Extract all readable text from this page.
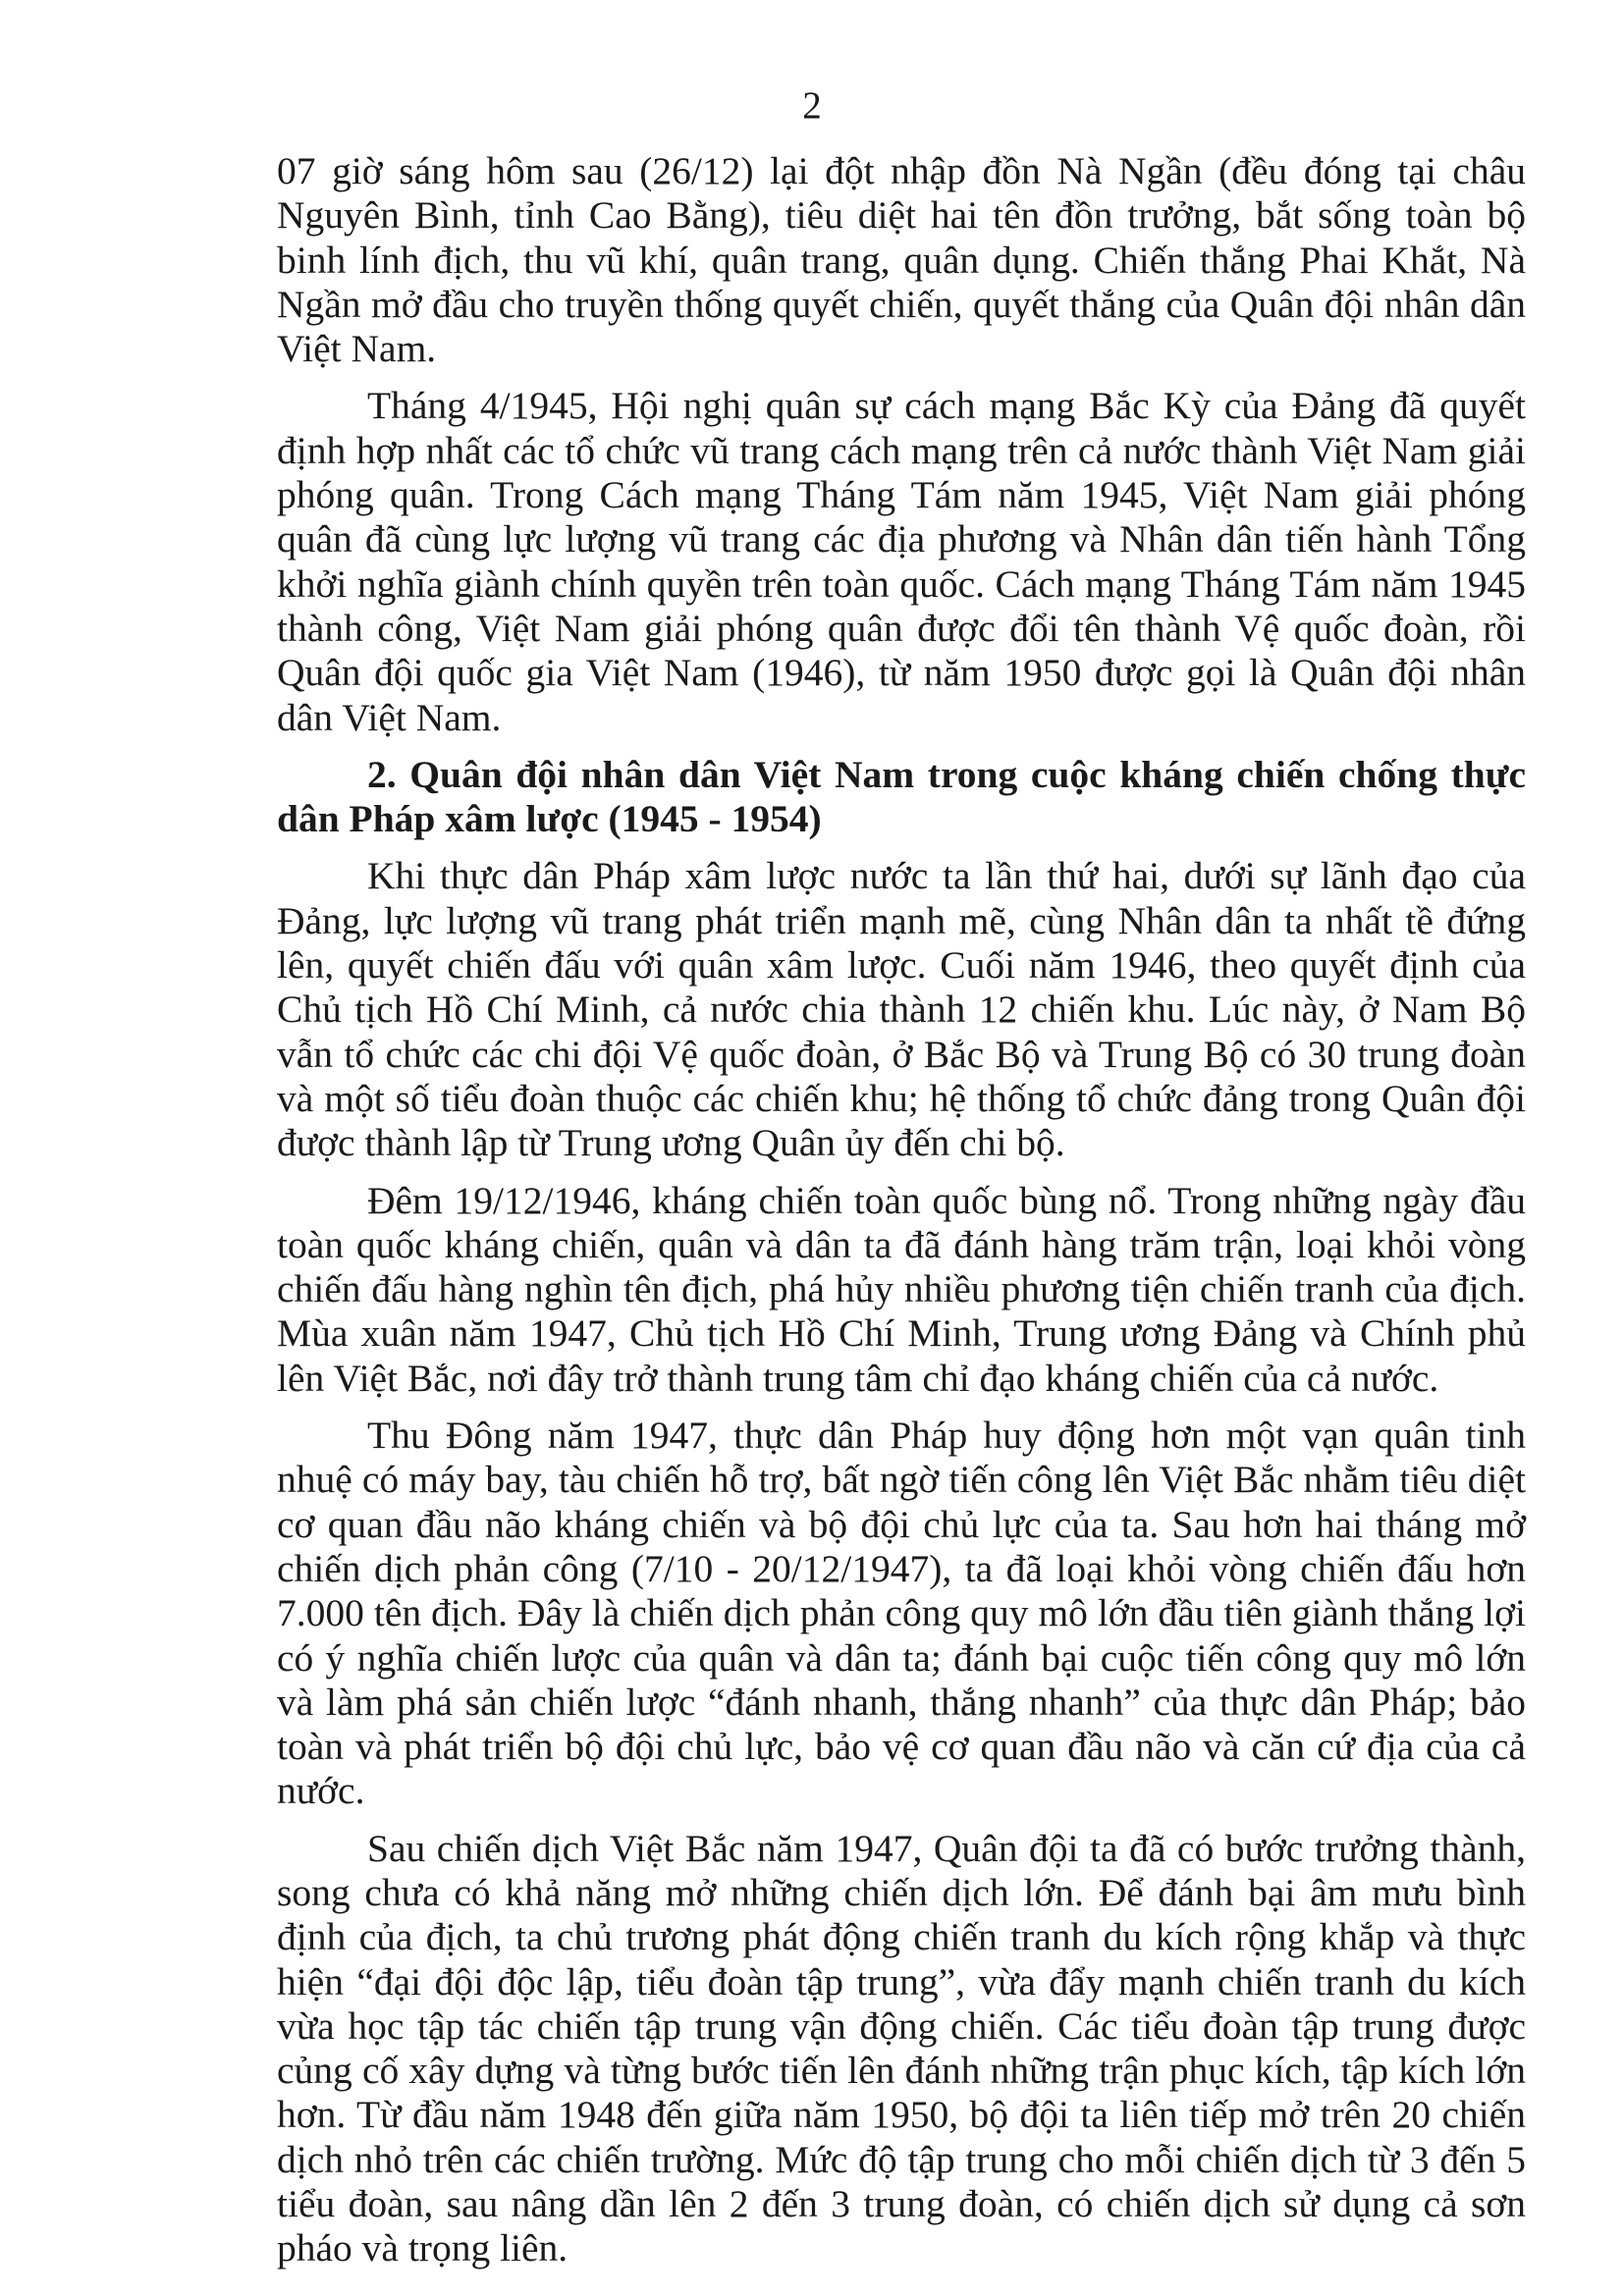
2

07 giờ sáng hôm sau (26/12) lại đột nhập đồn Nà Ngần (đều đóng tại châu Nguyên Bình, tỉnh Cao Bằng), tiêu diệt hai tên đồn trưởng, bắt sống toàn bộ binh lính địch, thu vũ khí, quân trang, quân dụng. Chiến thắng Phai Khắt, Nà Ngần mở đầu cho truyền thống quyết chiến, quyết thắng của Quân đội nhân dân Việt Nam.

Tháng 4/1945, Hội nghị quân sự cách mạng Bắc Kỳ của Đảng đã quyết định hợp nhất các tổ chức vũ trang cách mạng trên cả nước thành Việt Nam giải phóng quân. Trong Cách mạng Tháng Tám năm 1945, Việt Nam giải phóng quân đã cùng lực lượng vũ trang các địa phương và Nhân dân tiến hành Tổng khởi nghĩa giành chính quyền trên toàn quốc. Cách mạng Tháng Tám năm 1945 thành công, Việt Nam giải phóng quân được đổi tên thành Vệ quốc đoàn, rồi Quân đội quốc gia Việt Nam (1946), từ năm 1950 được gọi là Quân đội nhân dân Việt Nam.

2. Quân đội nhân dân Việt Nam trong cuộc kháng chiến chống thực dân Pháp xâm lược (1945 - 1954)

Khi thực dân Pháp xâm lược nước ta lần thứ hai, dưới sự lãnh đạo của Đảng, lực lượng vũ trang phát triển mạnh mẽ, cùng Nhân dân ta nhất tề đứng lên, quyết chiến đấu với quân xâm lược. Cuối năm 1946, theo quyết định của Chủ tịch Hồ Chí Minh, cả nước chia thành 12 chiến khu. Lúc này, ở Nam Bộ vẫn tổ chức các chi đội Vệ quốc đoàn, ở Bắc Bộ và Trung Bộ có 30 trung đoàn và một số tiểu đoàn thuộc các chiến khu; hệ thống tổ chức đảng trong Quân đội được thành lập từ Trung ương Quân ủy đến chi bộ.

Đêm 19/12/1946, kháng chiến toàn quốc bùng nổ. Trong những ngày đầu toàn quốc kháng chiến, quân và dân ta đã đánh hàng trăm trận, loại khỏi vòng chiến đấu hàng nghìn tên địch, phá hủy nhiều phương tiện chiến tranh của địch. Mùa xuân năm 1947, Chủ tịch Hồ Chí Minh, Trung ương Đảng và Chính phủ lên Việt Bắc, nơi đây trở thành trung tâm chỉ đạo kháng chiến của cả nước.

Thu Đông năm 1947, thực dân Pháp huy động hơn một vạn quân tinh nhuệ có máy bay, tàu chiến hỗ trợ, bất ngờ tiến công lên Việt Bắc nhằm tiêu diệt cơ quan đầu não kháng chiến và bộ đội chủ lực của ta. Sau hơn hai tháng mở chiến dịch phản công (7/10 - 20/12/1947), ta đã loại khỏi vòng chiến đấu hơn 7.000 tên địch. Đây là chiến dịch phản công quy mô lớn đầu tiên giành thắng lợi có ý nghĩa chiến lược của quân và dân ta; đánh bại cuộc tiến công quy mô lớn và làm phá sản chiến lược “đánh nhanh, thắng nhanh” của thực dân Pháp; bảo toàn và phát triển bộ đội chủ lực, bảo vệ cơ quan đầu não và căn cứ địa của cả nước.

Sau chiến dịch Việt Bắc năm 1947, Quân đội ta đã có bước trưởng thành, song chưa có khả năng mở những chiến dịch lớn. Để đánh bại âm mưu bình định của địch, ta chủ trương phát động chiến tranh du kích rộng khắp và thực hiện “đại đội độc lập, tiểu đoàn tập trung”, vừa đẩy mạnh chiến tranh du kích vừa học tập tác chiến tập trung vận động chiến. Các tiểu đoàn tập trung được củng cố xây dựng và từng bước tiến lên đánh những trận phục kích, tập kích lớn hơn. Từ đầu năm 1948 đến giữa năm 1950, bộ đội ta liên tiếp mở trên 20 chiến dịch nhỏ trên các chiến trường. Mức độ tập trung cho mỗi chiến dịch từ 3 đến 5 tiểu đoàn, sau nâng dần lên 2 đến 3 trung đoàn, có chiến dịch sử dụng cả sơn pháo và trọng liên.
